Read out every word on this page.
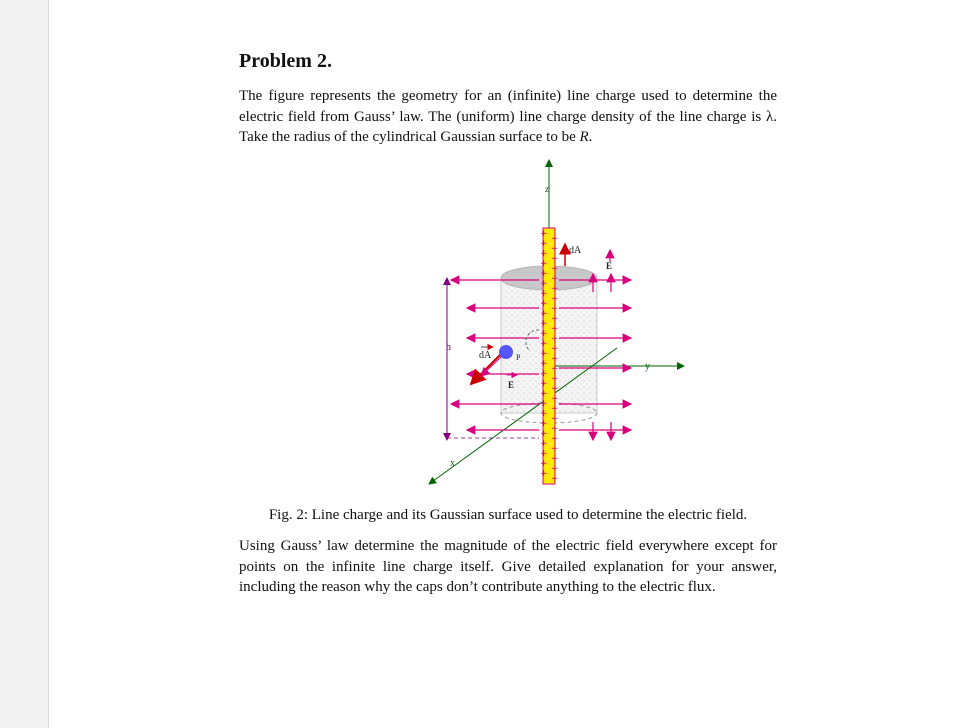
Problem 2.
The figure represents the geometry for an (infinite) line charge used to determine the electric field from Gauss’ law. The (uniform) line charge density of the line charge is λ. Take the radius of the cylindrical Gaussian surface to be R.
x
y
z
+
+
+
+
+
+
+
+
+
+
+
+
+
+
+
+
+
+
+
+
+
+
+
+
+
+
+
+
+
+
+
+
+
+
+
+
+
+
+
+
+
+
+
+
+
+
+
+
+
+
dA
E
h
P
dA
E
Fig. 2: Line charge and its Gaussian surface used to determine the electric field.
Using Gauss’ law determine the magnitude of the electric field everywhere except for points on the infinite line charge itself. Give detailed explanation for your answer, including the reason why the caps don’t contribute anything to the electric flux.
